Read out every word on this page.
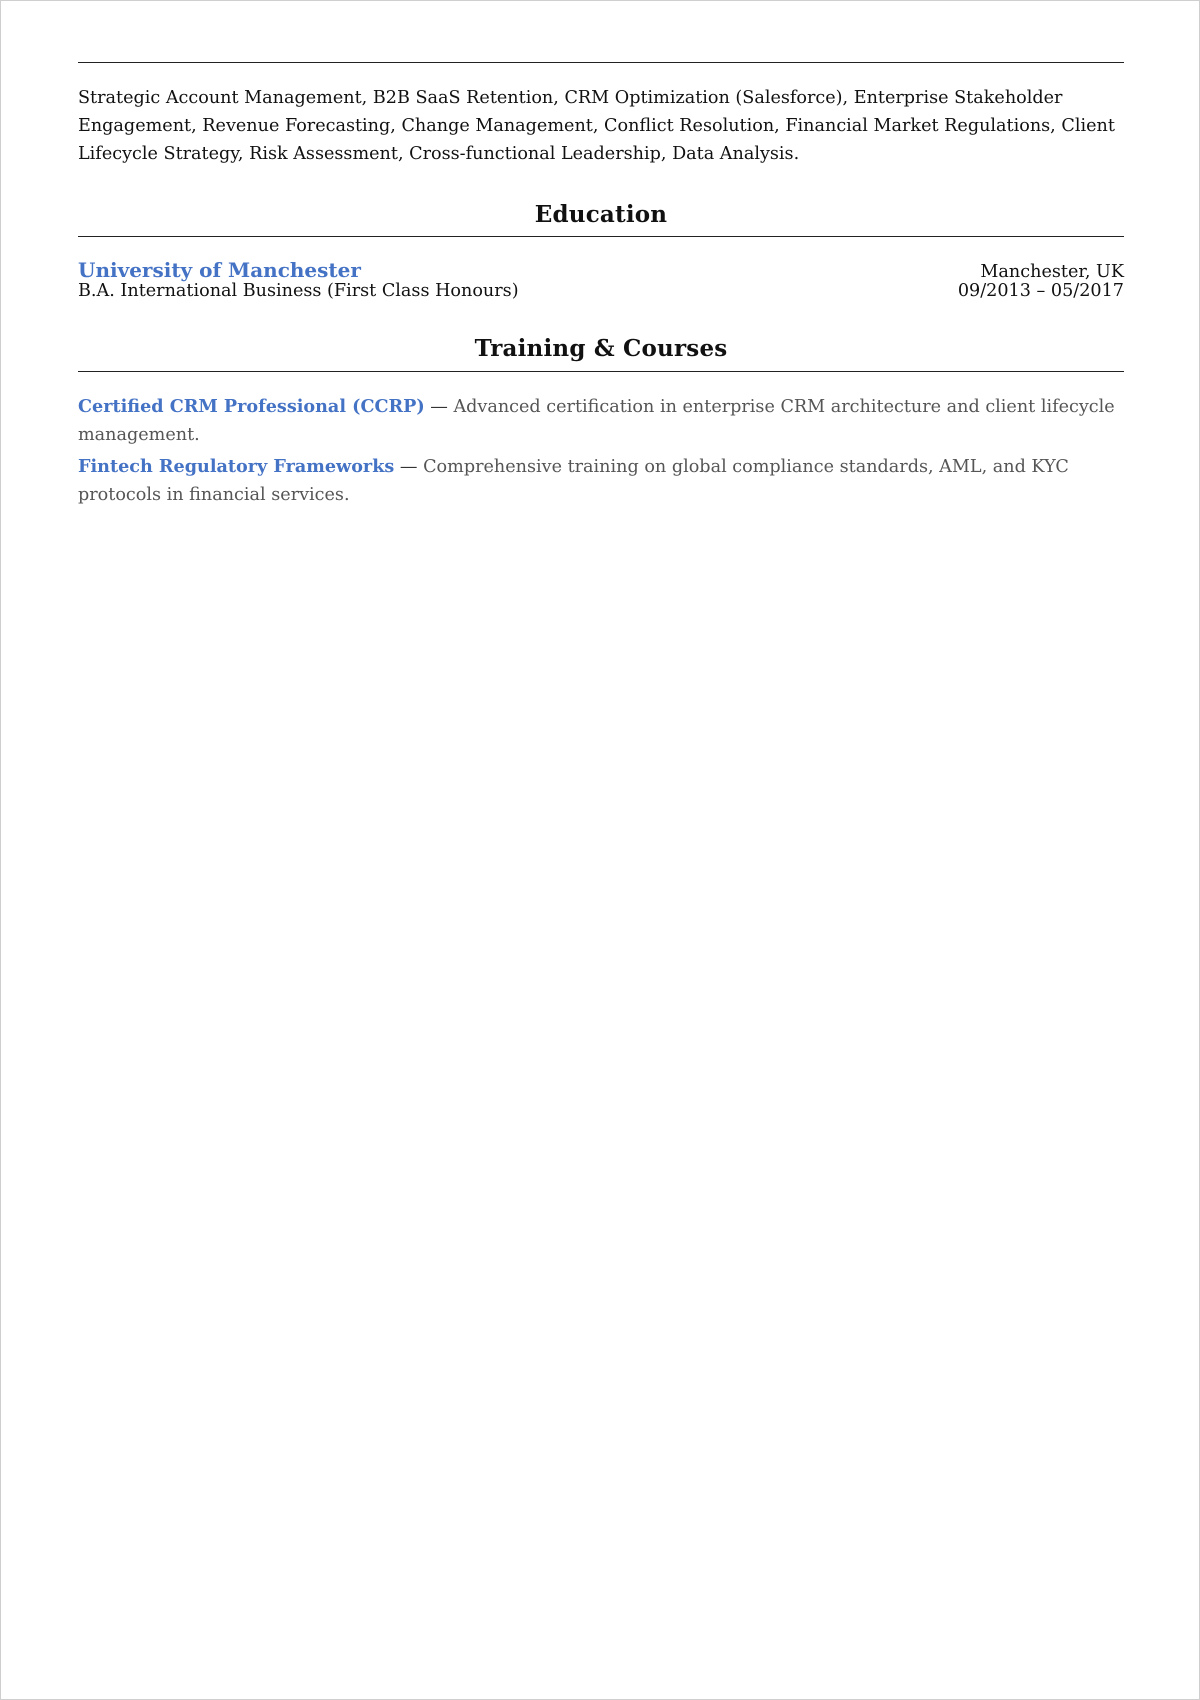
Strategic Account Management, B2B SaaS Retention, CRM Optimization (Salesforce), Enterprise Stakeholder Engagement, Revenue Forecasting, Change Management, Conflict Resolution, Financial Market Regulations, Client Lifecycle Strategy, Risk Assessment, Cross-functional Leadership, Data Analysis.

Education
University of Manchester	Manchester, UK
B.A. International Business (First Class Honours)	09/2013 – 05/2017
Training & Courses

Certified CRM Professional (CCRP) — Advanced certification in enterprise CRM architecture and client lifecycle management.

Fintech Regulatory Frameworks — Comprehensive training on global compliance standards, AML, and KYC protocols in financial services.
